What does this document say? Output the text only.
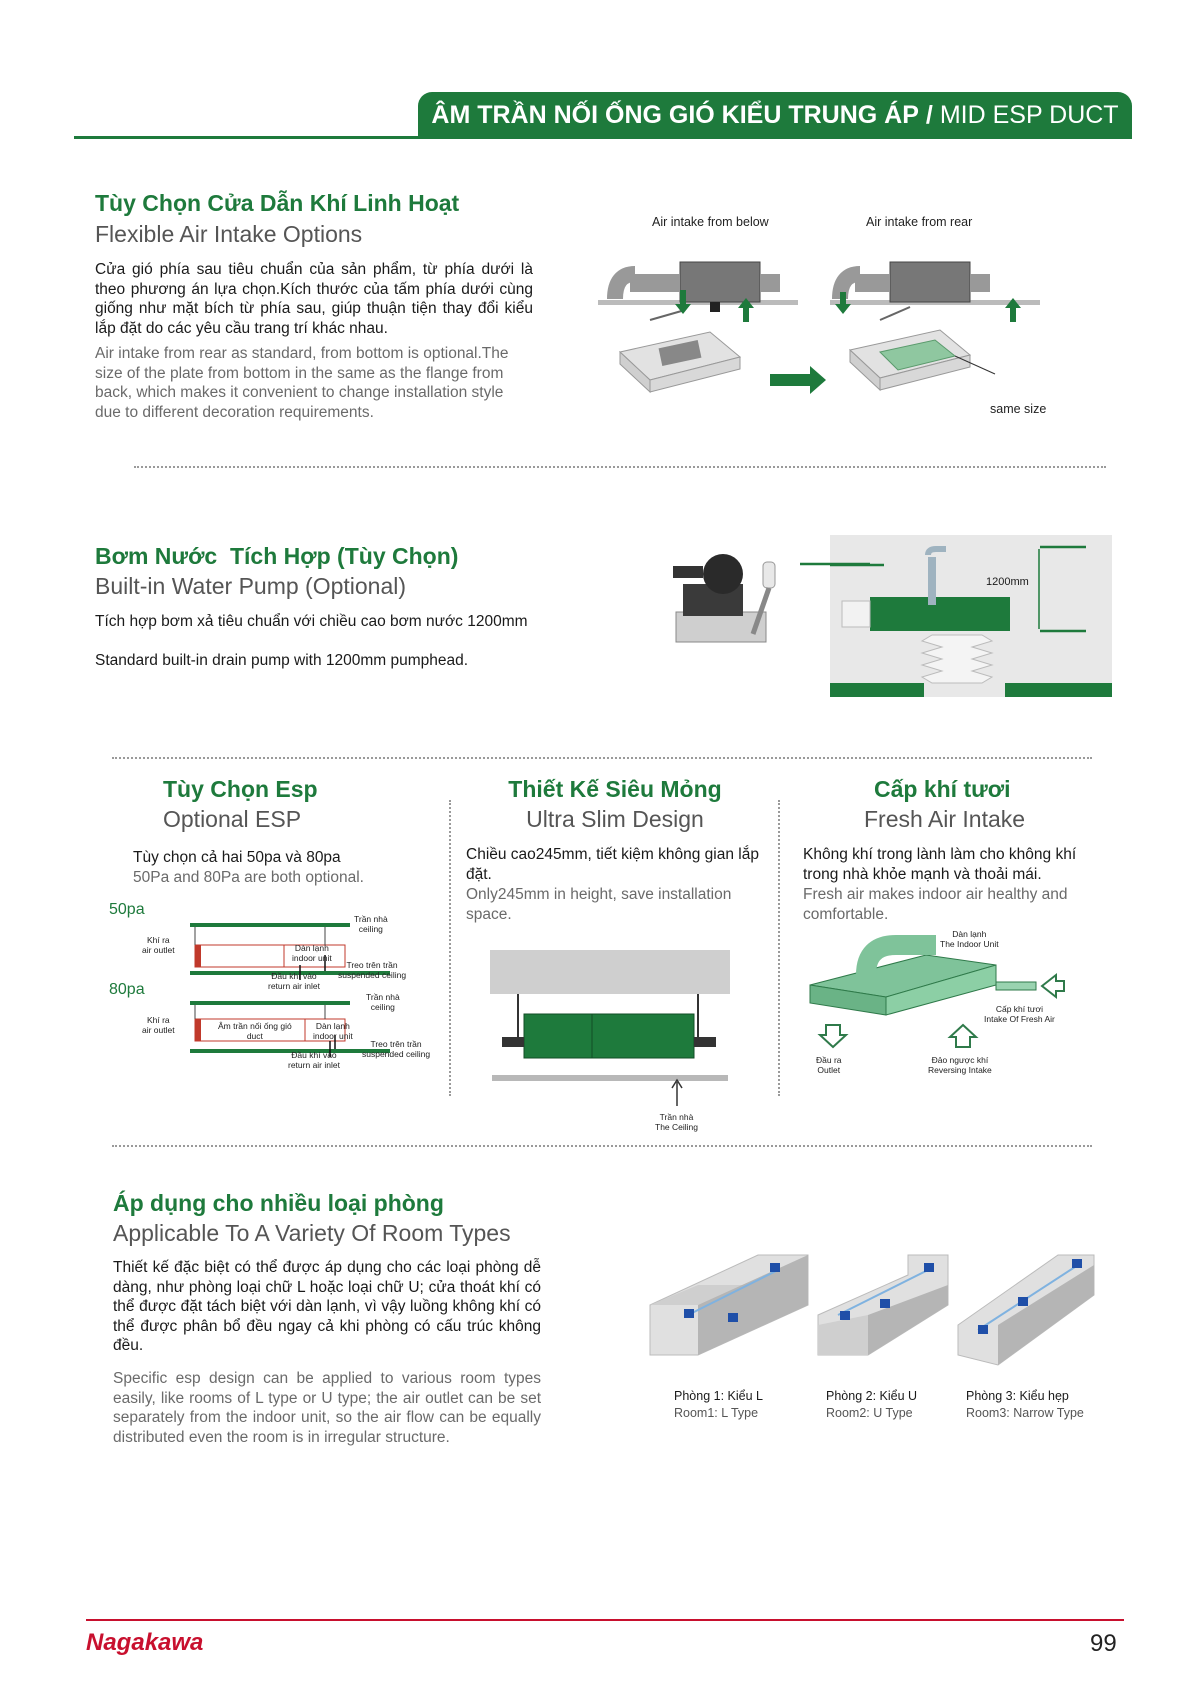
ÂM TRẦN NỐI ỐNG GIÓ KIỂU TRUNG ÁP / MID ESP DUCT
Tùy Chọn Cửa Dẫn Khí Linh Hoạt
Flexible Air Intake Options
Cửa gió phía sau tiêu chuẩn của sản phẩm, từ phía dưới là theo phương án lựa chọn.Kích thước của tấm phía dưới cùng giống như mặt bích từ phía sau, giúp thuận tiện thay đổi kiểu lắp đặt do các yêu cầu trang trí khác nhau.
Air intake from rear as standard, from bottom is optional.The size of the plate from bottom in the same as the flange from back, which makes it convenient to change installation style due to different decoration requirements.
Air intake from below	Air intake from rear
same size
Bơm Nước  Tích Hợp (Tùy Chọn)
Built-in Water Pump (Optional)
Tích hợp bơm xả tiêu chuẩn với chiều cao bơm nước 1200mm
Standard built-in drain pump with 1200mm pumphead.
1200mm
Tùy Chọn Esp
Optional ESP
Tùy chọn cả hai 50pa và 80pa
50Pa and 80Pa are both optional.
50pa
80pa
Khí ra
air outlet
Trần nhà
ceiling
Dàn lạnh
indoor unit
Treo trên trần
suspended ceiling
Đầu khí vào
return air inlet
Khí ra
air outlet
Trần nhà
ceiling
Âm trần nối ống gió
duct
Dàn lạnh
indoor unit
Treo trên trần
suspended ceiling
Đầu khí vào
return air inlet
Thiết Kế Siêu Mỏng
Ultra Slim Design
Chiều cao245mm, tiết kiệm không gian lắp đặt.
Only245mm in height, save installation space.
Trần nhà
The Ceiling
Cấp khí tươi
Fresh Air Intake
Không khí trong lành làm cho không khí trong nhà khỏe mạnh và thoải mái.
Fresh air makes indoor air healthy and comfortable.
Dàn lạnh
The Indoor Unit
Cấp khí tươi
Intake Of Fresh Air
Đầu ra
Outlet
Đảo ngược khí
Reversing Intake
Áp dụng cho nhiều loại phòng
Applicable To A Variety Of Room Types
Thiết kế đặc biệt có thể được áp dụng cho các loại phòng dễ dàng, như phòng loại chữ L hoặc loại chữ U; cửa thoát khí có thể được đặt tách biệt với dàn lạnh, vì vậy luồng không khí có thể được phân bổ đều ngay cả khi phòng có cấu trúc không đều.
Specific esp design can be applied to various room types easily, like rooms of L type or U type; the air outlet can be set separately from the indoor unit, so the air flow can be equally distributed even the room is in irregular structure.
Phòng 1: Kiểu L
Room1: L Type
Phòng 2: Kiểu U
Room2: U Type
Phòng 3: Kiểu hẹp
Room3: Narrow Type
Nagakawa	99
